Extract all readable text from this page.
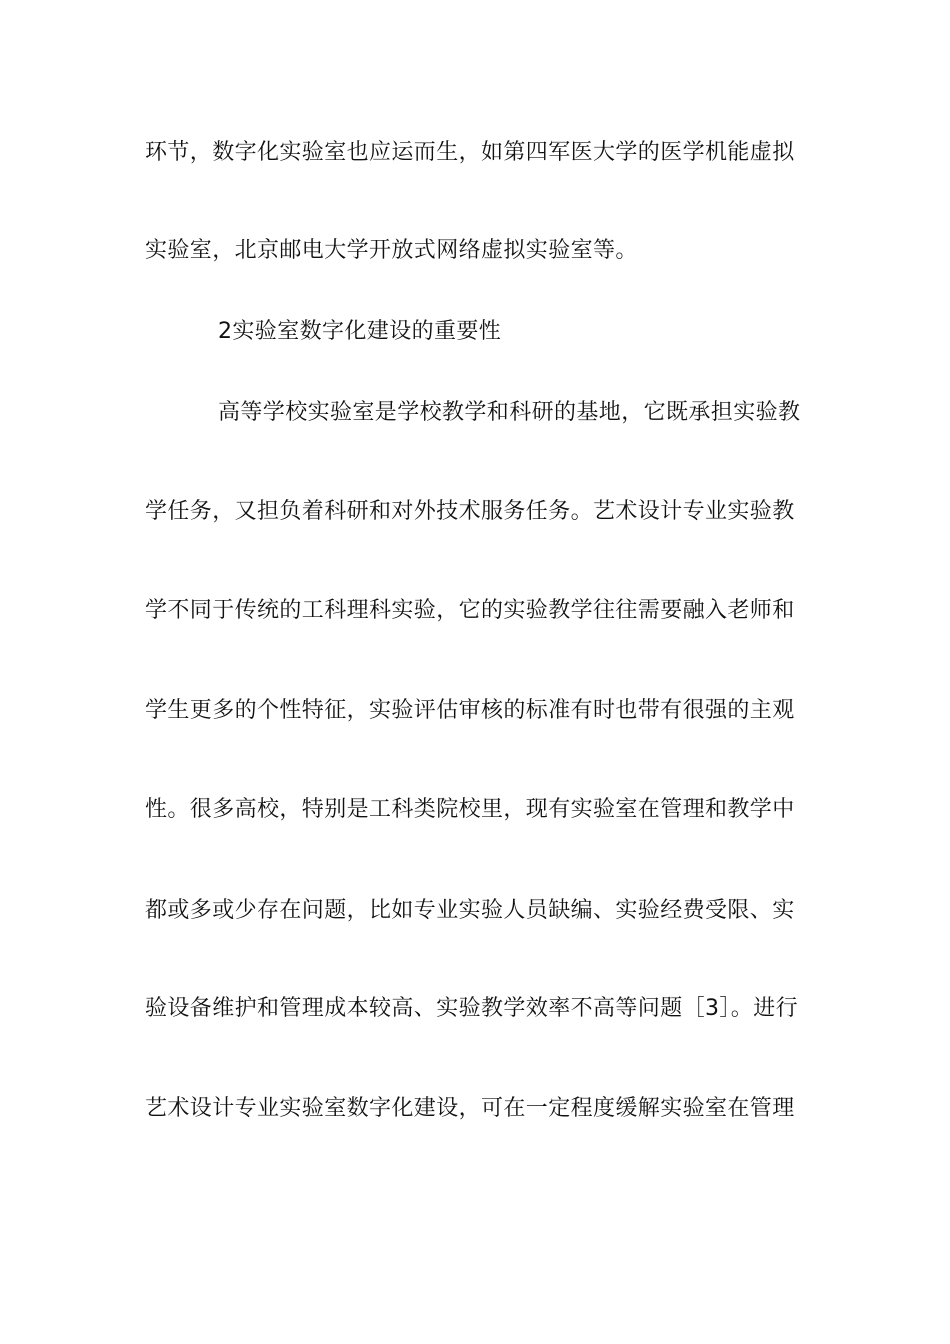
环节，数字化实验室也应运而生，如第四军医大学的医学机能虚拟
实验室，北京邮电大学开放式网络虚拟实验室等。
2实验室数字化建设的重要性
高等学校实验室是学校教学和科研的基地，它既承担实验教
学任务，又担负着科研和对外技术服务任务。艺术设计专业实验教
学不同于传统的工科理科实验，它的实验教学往往需要融入老师和
学生更多的个性特征，实验评估审核的标准有时也带有很强的主观
性。很多高校，特别是工科类院校里，现有实验室在管理和教学中
都或多或少存在问题，比如专业实验人员缺编、实验经费受限、实
验设备维护和管理成本较高、实验教学效率不高等问题［3］。进行
艺术设计专业实验室数字化建设，可在一定程度缓解实验室在管理
